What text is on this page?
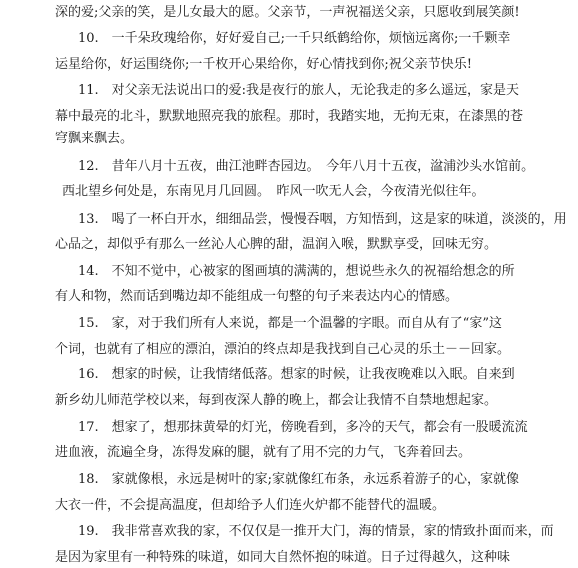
深的爱;父亲的笑，是儿女最大的愿。父亲节，一声祝福送父亲，只愿收到展笑颜!
10.　一千朵玫瑰给你，好好爱自己;一千只纸鹤给你，烦恼远离你;一千颗幸
运星给你，好运围绕你;一千枚开心果给你，好心情找到你;祝父亲节快乐!
11.　对父亲无法说出口的爱:我是夜行的旅人，无论我走的多么遥远，家是天
幕中最亮的北斗，默默地照亮我的旅程。那时，我踏实地，无拘无束，在漆黑的苍
穹飘来飘去。
12.　昔年八月十五夜，曲江池畔杏园边。　今年八月十五夜，湓浦沙头水馆前。
西北望乡何处是，东南见月几回圆。　昨风一吹无人会，今夜清光似往年。
13.　喝了一杯白开水，细细品尝，慢慢吞咽，方知悟到，这是家的味道，淡淡的，用
心品之，却似乎有那么一丝沁人心脾的甜，温润入喉，默默享受，回味无穷。
14.　不知不觉中，心被家的图画填的满满的，想说些永久的祝福给想念的所
有人和物，然而话到嘴边却不能组成一句整的句子来表达内心的情感。
15.　家，对于我们所有人来说，都是一个温馨的字眼。而自从有了“家”这
个词，也就有了相应的漂泊，漂泊的终点却是我找到自己心灵的乐土－－回家。
16.　想家的时候，让我情绪低落。想家的时候，让我夜晚难以入眠。自来到
新乡幼儿师范学校以来，每到夜深人静的晚上，都会让我情不自禁地想起家。
17.　想家了，想那抹黄晕的灯光，傍晚看到，多冷的天气，都会有一股暖流流
进血液，流遍全身，冻得发麻的腿，就有了用不完的力气，飞奔着回去。
18.　家就像根，永远是树叶的家;家就像红布条，永远系着游子的心，家就像
大衣一件，不会提高温度，但却给予人们连火炉都不能替代的温暖。
19.　我非常喜欢我的家，不仅仅是一推开大门，海的情景，家的情致扑面而来，而
是因为家里有一种特殊的味道，如同大自然怀抱的味道。日子过得越久，这种味
